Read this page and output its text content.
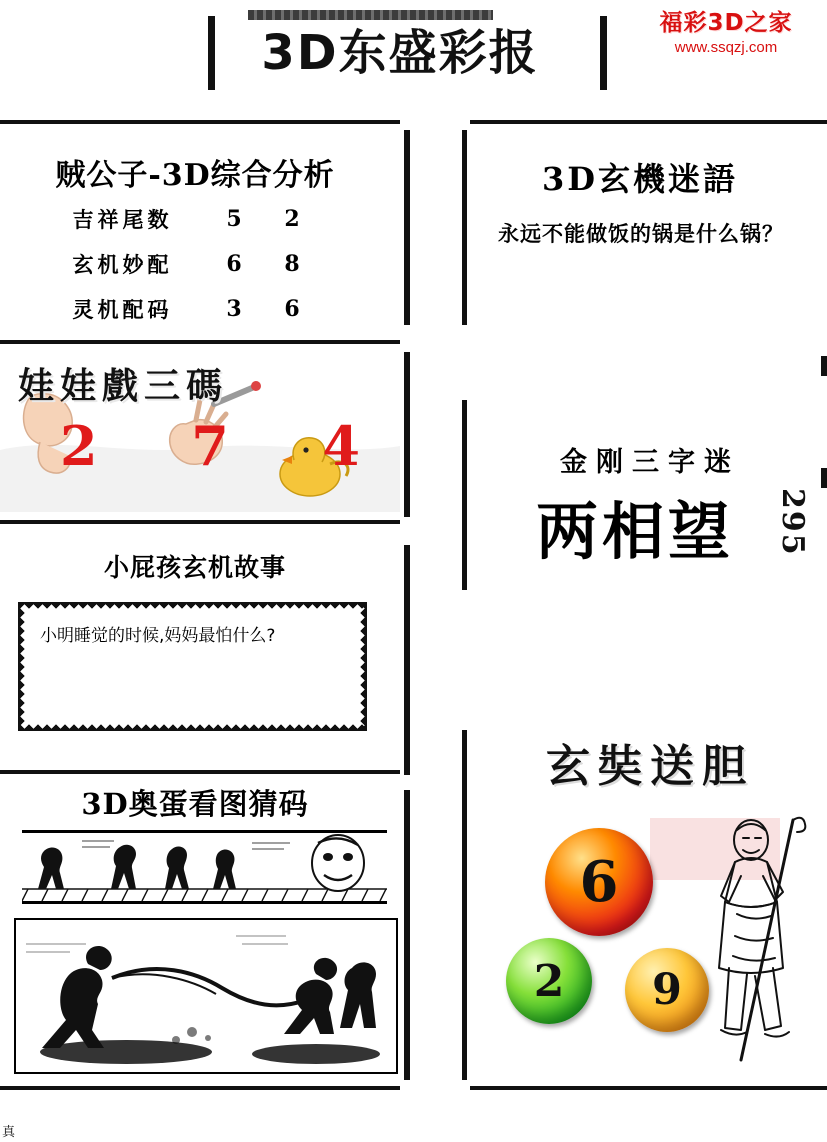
3D东盛彩报
福彩3D之家
www.ssqzj.com
贼公子-3D综合分析
吉祥尾数	5	2
玄机妙配	6	8
灵机配码	3	6
3D玄機迷語
永远不能做饭的锅是什么锅？
娃娃戲三碼
2 7 4	金刚三字迷
两相望	295
小屁孩玄机故事
小明睡觉的时候,妈妈最怕什么?
3D奥蛋看图猜码
玄奘送胆
6
2	9
真
